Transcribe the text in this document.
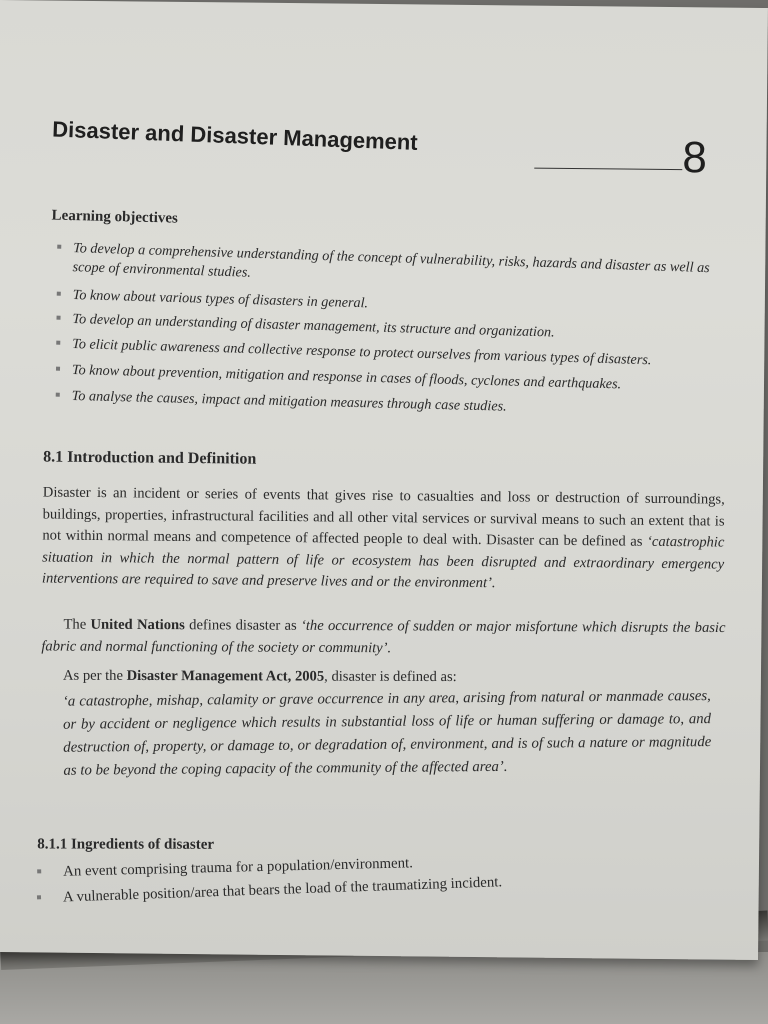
Disaster and Disaster Management	8
Learning objectives
To develop a comprehensive understanding of the concept of vulnerability, risks, hazards and disaster as well as scope of environmental studies.
To know about various types of disasters in general.
To develop an understanding of disaster management, its structure and organization.
To elicit public awareness and collective response to protect ourselves from various types of disasters.
To know about prevention, mitigation and response in cases of floods, cyclones and earthquakes.
To analyse the causes, impact and mitigation measures through case studies.
8.1 Introduction and Definition
Disaster is an incident or series of events that gives rise to casualties and loss or destruction of surroundings, buildings, properties, infrastructural facilities and all other vital services or survival means to such an extent that is not within normal means and competence of affected people to deal with. Disaster can be defined as ‘catastrophic situation in which the normal pattern of life or ecosystem has been disrupted and extraordinary emergency interventions are required to save and preserve lives and or the environment’.
The United Nations defines disaster as ‘the occurrence of sudden or major misfortune which disrupts the basic fabric and normal functioning of the society or community’.
As per the Disaster Management Act, 2005, disaster is defined as:
‘a catastrophe, mishap, calamity or grave occurrence in any area, arising from natural or manmade causes, or by accident or negligence which results in substantial loss of life or human suffering or damage to, and destruction of, property, or damage to, or degradation of, environment, and is of such a nature or magnitude as to be beyond the coping capacity of the community of the affected area’.
8.1.1 Ingredients of disaster
An event comprising trauma for a population/environment.
A vulnerable position/area that bears the load of the traumatizing incident.
